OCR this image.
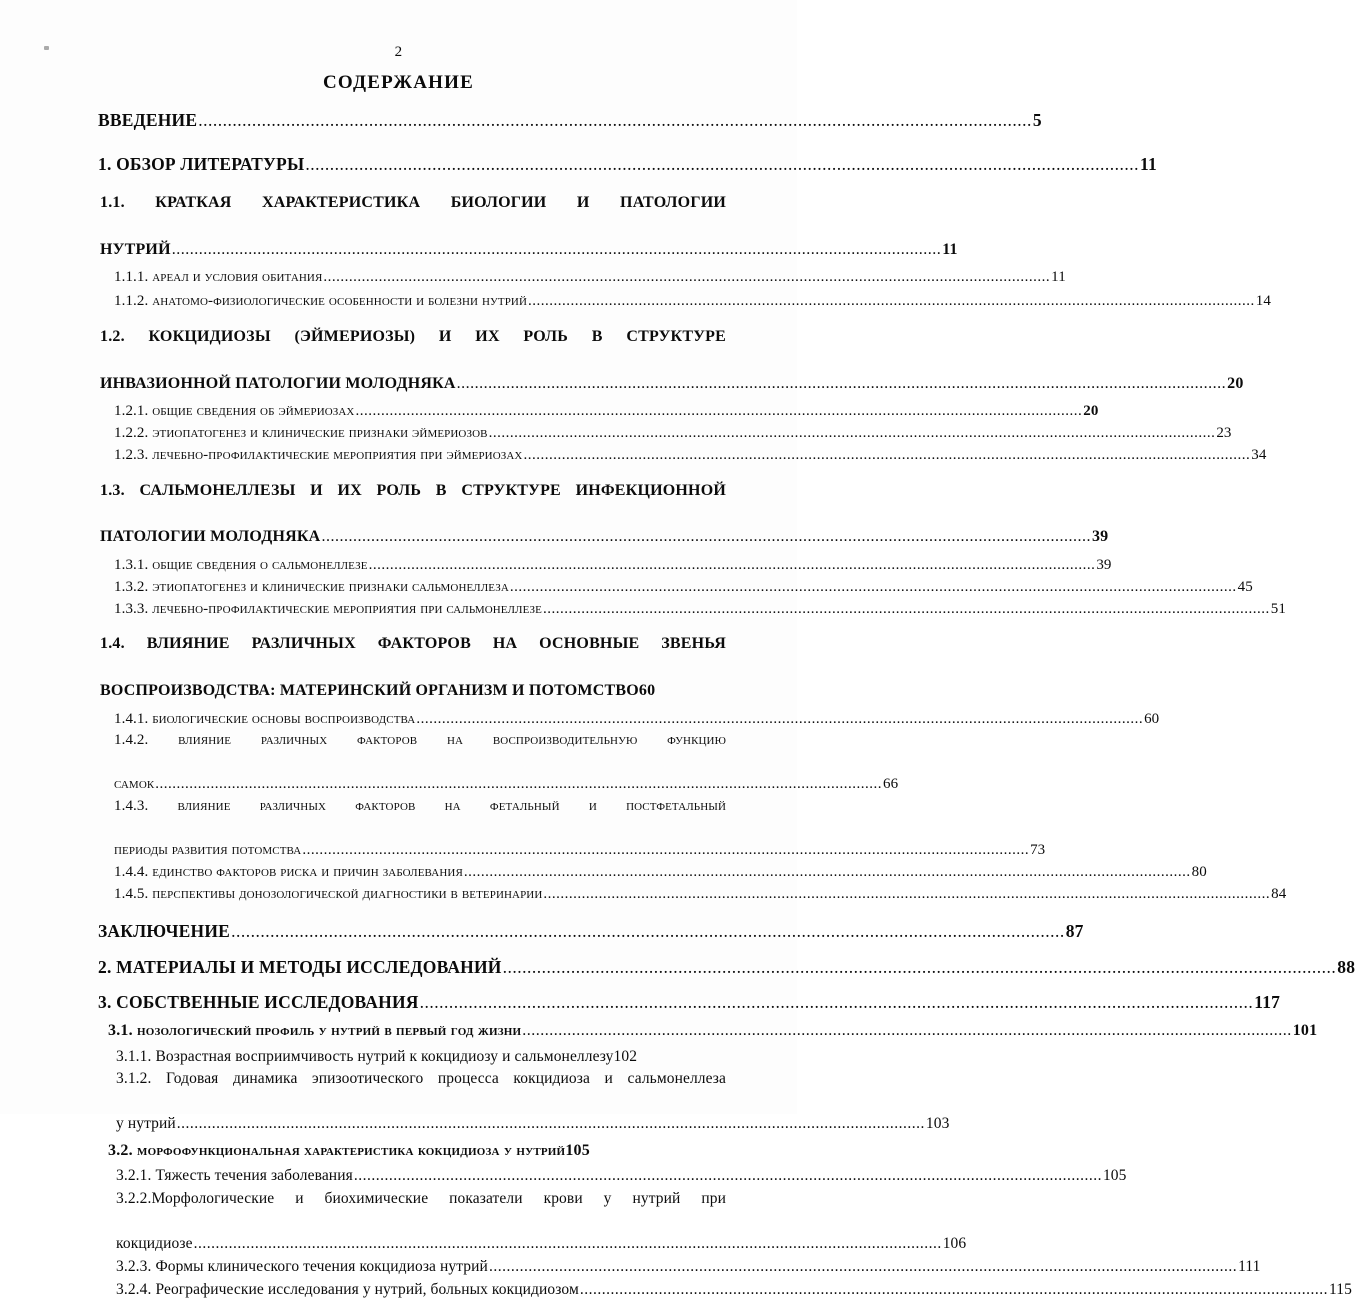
2
СОДЕРЖАНИЕ
ВВЕДЕНИЕ .....	5
1. ОБЗОР ЛИТЕРАТУРЫ .....	11
1.1. КРАТКАЯ ХАРАКТЕРИСТИКА БИОЛОГИИ И ПАТОЛОГИИ
НУТРИЙ .....	11
1.1.1. ареал и условия обитания .....	11
1.1.2. анатомо-физиологические особенности и болезни нутрий .....	14
1.2. КОКЦИДИОЗЫ (ЭЙМЕРИОЗЫ) И ИХ РОЛЬ В СТРУКТУРЕ
ИНВАЗИОННОЙ ПАТОЛОГИИ МОЛОДНЯКА .....	20
1.2.1. общие сведения об эймериозах .....	20
1.2.2. этиопатогенез и клинические признаки эймериозов .....	23
1.2.3. лечебно-профилактические мероприятия при эймериозах .....	34
1.3. САЛЬМОНЕЛЛЕЗЫ И ИХ РОЛЬ В СТРУКТУРЕ ИНФЕКЦИОННОЙ
ПАТОЛОГИИ МОЛОДНЯКА .....	39
1.3.1. общие сведения о сальмонеллезе .....	39
1.3.2. этиопатогенез и клинические признаки сальмонеллеза .....	45
1.3.3. лечебно-профилактические мероприятия при сальмонеллезе .....	51
1.4. ВЛИЯНИЕ РАЗЛИЧНЫХ ФАКТОРОВ НА ОСНОВНЫЕ ЗВЕНЬЯ
ВОСПРОИЗВОДСТВА: МАТЕРИНСКИЙ ОРГАНИЗМ И ПОТОМСТВО 60
1.4.1. биологические основы воспроизводства .....	60
1.4.2. влияние различных факторов на воспроизводительную функцию
самок .....	66
1.4.3. влияние различных факторов на фетальный и постфетальный
периоды развития потомства .....	73
1.4.4. единство факторов риска и причин заболевания .....	80
1.4.5. перспективы донозологической диагностики в ветеринарии .....	84
ЗАКЛЮЧЕНИЕ .....	87
2. МАТЕРИАЛЫ И МЕТОДЫ ИССЛЕДОВАНИЙ .....	88
3. СОБСТВЕННЫЕ ИССЛЕДОВАНИЯ .....	117
3.1. нозологический профиль у нутрий в первый год жизни .....	101
3.1.1. Возрастная восприимчивость нутрий к кокцидиозу и сальмонеллезу 102
3.1.2. Годовая динамика эпизоотического процесса кокцидиоза и сальмонеллеза
у нутрий .....	103
3.2. морфофункциональная характеристика кокцидиоза у нутрий 105
3.2.1. Тяжесть течения заболевания .....	105
3.2.2.Морфологические и биохимические показатели крови у нутрий при
кокцидиозе .....	106
3.2.3. Формы клинического течения кокцидиоза нутрий .....	111
3.2.4. Реографические исследования у нутрий, больных кокцидиозом .....	115
